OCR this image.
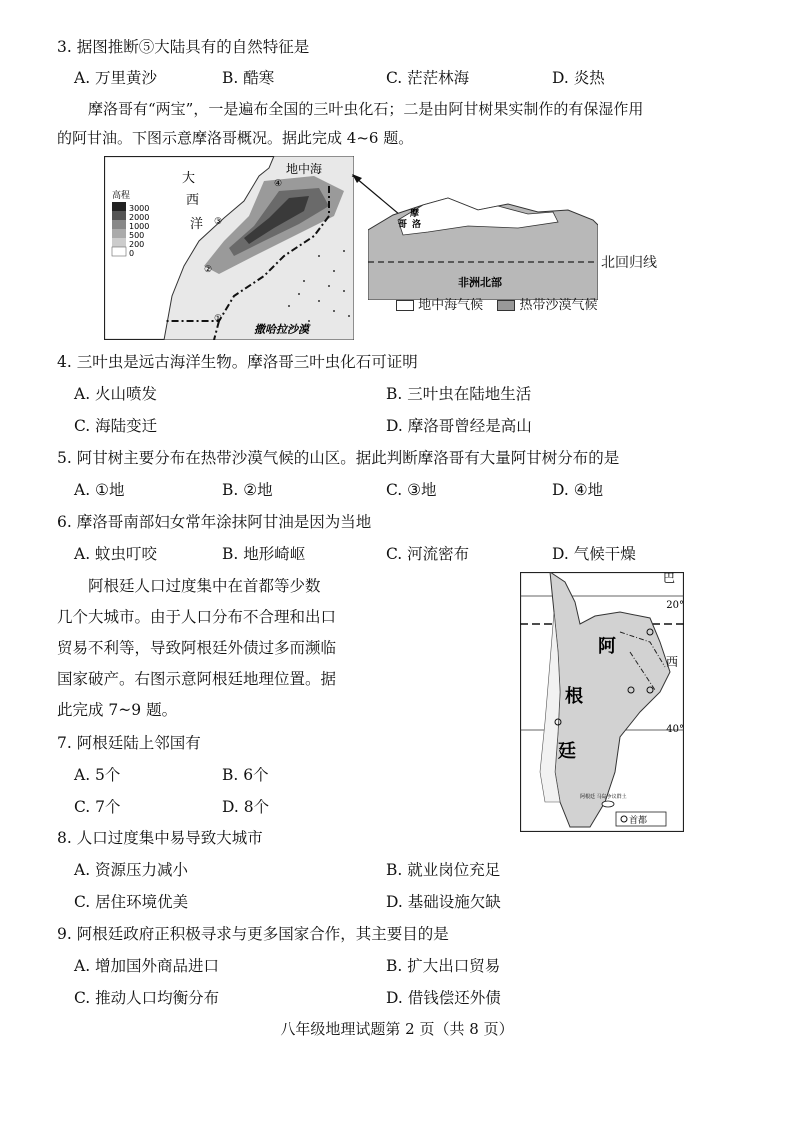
3. 据图推断⑤大陆具有的自然特征是
A. 万里黄沙	B. 酷寒	C. 茫茫林海	D. 炎热
摩洛哥有“两宝”，一是遍布全国的三叶虫化石；二是由阿甘树果实制作的有保湿作用
的阿甘油。下图示意摩洛哥概况。据此完成 4~6 题。
高程
3000
2000
1000
500
200
0
地中海
大
西
洋
撒哈拉沙漠
②
③
④
①
摩
洛
哥
非洲北部
北回归线
地中海气候	热带沙漠气候
4. 三叶虫是远古海洋生物。摩洛哥三叶虫化石可证明
A. 火山喷发	B. 三叶虫在陆地生活
C. 海陆变迁	D. 摩洛哥曾经是高山
5. 阿甘树主要分布在热带沙漠气候的山区。据此判断摩洛哥有大量阿甘树分布的是
A. ①地	B. ②地	C. ③地	D. ④地
6. 摩洛哥南部妇女常年涂抹阿甘油是因为当地
A. 蚊虫叮咬	B. 地形崎岖	C. 河流密布	D. 气候干燥
阿根廷人口过度集中在首都等少数
几个大城市。由于人口分布不合理和出口
贸易不利等，导致阿根廷外债过多而濒临
国家破产。右图示意阿根廷地理位置。据
此完成 7~9 题。
巴
20°
40°
阿
根
廷
西
阿根廷 马岛争议群土
首都
7. 阿根廷陆上邻国有
A. 5个	B. 6个
C. 7个	D. 8个
8. 人口过度集中易导致大城市
A. 资源压力减小	B. 就业岗位充足
C. 居住环境优美	D. 基础设施欠缺
9. 阿根廷政府正积极寻求与更多国家合作，其主要目的是
A. 增加国外商品进口	B. 扩大出口贸易
C. 推动人口均衡分布	D. 借钱偿还外债
八年级地理试题第 2 页（共 8 页）
